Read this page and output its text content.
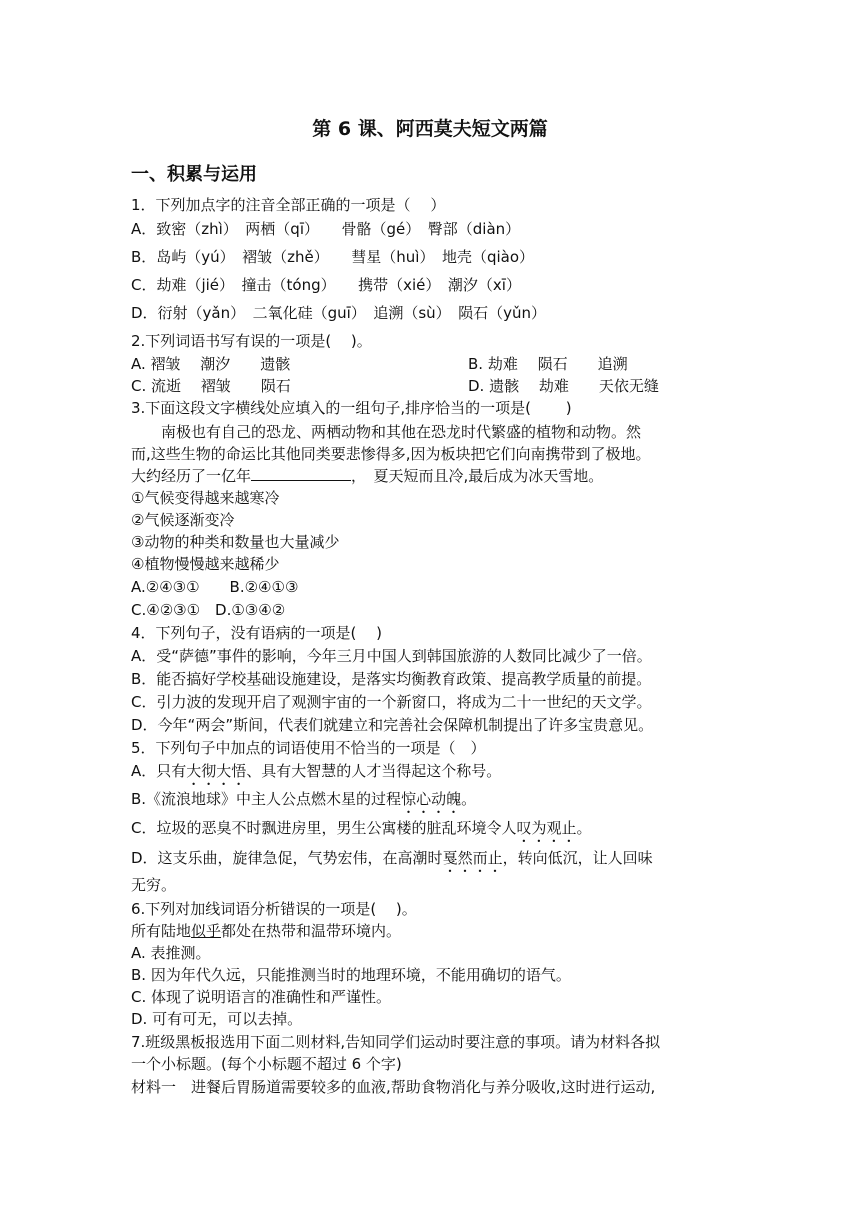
第 6 课、阿西莫夫短文两篇
一、积累与运用
1．下列加点字的注音全部正确的一项是（　 ）
A．致密（zhì）　两栖（qī）　　骨骼（gé）　臀部（diàn）
B．岛屿（yú）　褶皱（zhě）　　彗星（huì）　地壳（qiào）
C．劫难（jié）　撞击（tóng）　　携带（xié）　潮汐（xī）
D．衍射（yǎn）　二氧化硅（guī）　追溯（sù）　陨石（yǔn）
2.下列词语书写有误的一项是(　 )。
A. 褶皱　 潮汐　　遗骸	B. 劫难　 陨石　　追溯
C. 流逝　 褶皱　　陨石	D. 遗骸　 劫难　　天依无缝
3.下面这段文字横线处应填入的一组句子,排序恰当的一项是(　　 )
　　南极也有自己的恐龙、两栖动物和其他在恐龙时代繁盛的植物和动物。然
而,这些生物的命运比其他同类要悲惨得多,因为板块把它们向南携带到了极地。
大约经历了一亿年	，　夏天短而且冷,最后成为冰天雪地。
①气候变得越来越寒冷
②气候逐渐变冷
③动物的种类和数量也大量减少
④植物慢慢越来越稀少
A.②④③①　　B.②④①③
C.④②③①　D.①③④②
4．下列句子，没有语病的一项是(　 )
A．受“萨德”事件的影响，今年三月中国人到韩国旅游的人数同比减少了一倍。
B．能否搞好学校基础设施建设，是落实均衡教育政策、提高教学质量的前提。
C．引力波的发现开启了观测宇宙的一个新窗口，将成为二十一世纪的天文学。
D．今年“两会”斯间，代表们就建立和完善社会保障机制提出了许多宝贵意见。
5．下列句子中加点的词语使用不恰当的一项是（　）
A．只有大彻大悟、具有大智慧的人才当得起这个称号。
B.《流浪地球》中主人公点燃木星的过程惊心动魄。
C．垃圾的恶臭不时飘进房里，男生公寓楼的脏乱环境令人叹为观止。
D．这支乐曲，旋律急促，气势宏伟，在高潮时戛然而止，转向低沉，让人回味
无穷。
6.下列对加线词语分析错误的一项是(　 )。
所有陆地似乎都处在热带和温带环境内。
A. 表推测。
B. 因为年代久远，只能推测当时的地理环境，不能用确切的语气。
C. 体现了说明语言的准确性和严谨性。
D. 可有可无，可以去掉。
7.班级黑板报选用下面二则材料,告知同学们运动时要注意的事项。请为材料各拟
一个小标题。(每个小标题不超过 6 个字)
材料一　进餐后胃肠道需要较多的血液,帮助食物消化与养分吸收,这时进行运动,
